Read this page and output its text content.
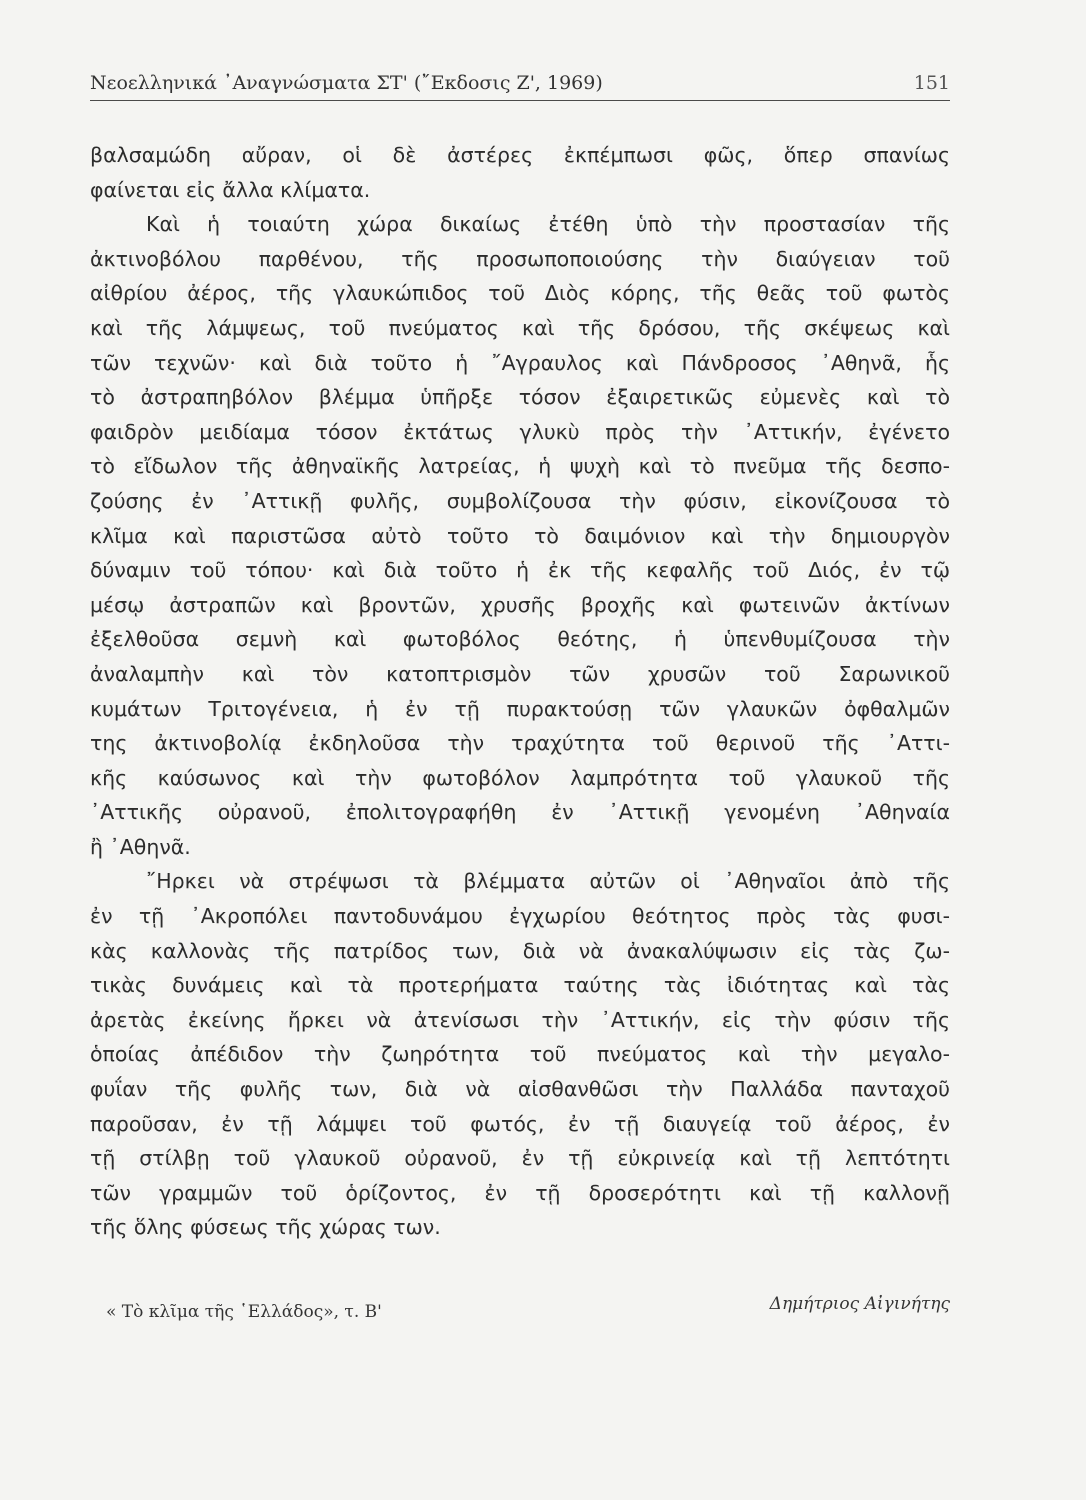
Νεοελληνικά ᾿Αναγνώσματα ΣΤ' (῎Εκδοσις Ζ', 1969)	151
βαλσαμώδη αὔραν, οἱ δὲ ἀστέρες ἐκπέμπωσι φῶς, ὅπερ σπανίως
φαίνεται εἰς ἄλλα κλίματα.
Καὶ ἡ τοιαύτη χώρα δικαίως ἐτέθη ὑπὸ τὴν προστασίαν τῆς
ἀκτινοβόλου παρθένου, τῆς προσωποποιούσης τὴν διαύγειαν τοῦ
αἰθρίου ἀέρος, τῆς γλαυκώπιδος τοῦ Διὸς κόρης, τῆς θεᾶς τοῦ φωτὸς
καὶ τῆς λάμψεως, τοῦ πνεύματος καὶ τῆς δρόσου, τῆς σκέψεως καὶ
τῶν τεχνῶν· καὶ διὰ τοῦτο ἡ ῎Αγραυλος καὶ Πάνδροσος ᾿Αθηνᾶ, ἧς
τὸ ἀστραπηβόλον βλέμμα ὑπῆρξε τόσον ἐξαιρετικῶς εὐμενὲς καὶ τὸ
φαιδρὸν μειδίαμα τόσον ἐκτάτως γλυκὺ πρὸς τὴν ᾿Αττικήν, ἐγένετο
τὸ εἴδωλον τῆς ἀθηναϊκῆς λατρείας, ἡ ψυχὴ καὶ τὸ πνεῦμα τῆς δεσπο-
ζούσης ἐν ᾿Αττικῇ φυλῆς, συμβολίζουσα τὴν φύσιν, εἰκονίζουσα τὸ
κλῖμα καὶ παριστῶσα αὐτὸ τοῦτο τὸ δαιμόνιον καὶ τὴν δημιουργὸν
δύναμιν τοῦ τόπου· καὶ διὰ τοῦτο ἡ ἐκ τῆς κεφαλῆς τοῦ Διός, ἐν τῷ
μέσῳ ἀστραπῶν καὶ βροντῶν, χρυσῆς βροχῆς καὶ φωτεινῶν ἀκτίνων
ἐξελθοῦσα σεμνὴ καὶ φωτοβόλος θεότης, ἡ ὑπενθυμίζουσα τὴν
ἀναλαμπὴν καὶ τὸν κατοπτρισμὸν τῶν χρυσῶν τοῦ Σαρωνικοῦ
κυμάτων Τριτογένεια, ἡ ἐν τῇ πυρακτούσῃ τῶν γλαυκῶν ὀφθαλμῶν
της ἀκτινοβολίᾳ ἐκδηλοῦσα τὴν τραχύτητα τοῦ θερινοῦ τῆς ᾿Αττι-
κῆς καύσωνος καὶ τὴν φωτοβόλον λαμπρότητα τοῦ γλαυκοῦ τῆς
᾿Αττικῆς οὐρανοῦ, ἐπολιτογραφήθη ἐν ᾿Αττικῇ γενομένη ᾿Αθηναία
ἢ ᾿Αθηνᾶ.
῎Ηρκει νὰ στρέψωσι τὰ βλέμματα αὐτῶν οἱ ᾿Αθηναῖοι ἀπὸ τῆς
ἐν τῇ ᾿Ακροπόλει παντοδυνάμου ἐγχωρίου θεότητος πρὸς τὰς φυσι-
κὰς καλλονὰς τῆς πατρίδος των, διὰ νὰ ἀνακαλύψωσιν εἰς τὰς ζω-
τικὰς δυνάμεις καὶ τὰ προτερήματα ταύτης τὰς ἰδιότητας καὶ τὰς
ἀρετὰς ἐκείνης ἤρκει νὰ ἀτενίσωσι τὴν ᾿Αττικήν, εἰς τὴν φύσιν τῆς
ὁποίας ἀπέδιδον τὴν ζωηρότητα τοῦ πνεύματος καὶ τὴν μεγαλο-
φυΐαν τῆς φυλῆς των, διὰ νὰ αἰσθανθῶσι τὴν Παλλάδα πανταχοῦ
παροῦσαν, ἐν τῇ λάμψει τοῦ φωτός, ἐν τῇ διαυγείᾳ τοῦ ἀέρος, ἐν
τῇ στίλβῃ τοῦ γλαυκοῦ οὐρανοῦ, ἐν τῇ εὐκρινείᾳ καὶ τῇ λεπτότητι
τῶν γραμμῶν τοῦ ὁρίζοντος, ἐν τῇ δροσερότητι καὶ τῇ καλλονῇ
τῆς ὅλης φύσεως τῆς χώρας των.
« Τὸ κλῖμα τῆς ῾Ελλάδος», τ. Β'	Δημήτριος Αἰγινήτης
